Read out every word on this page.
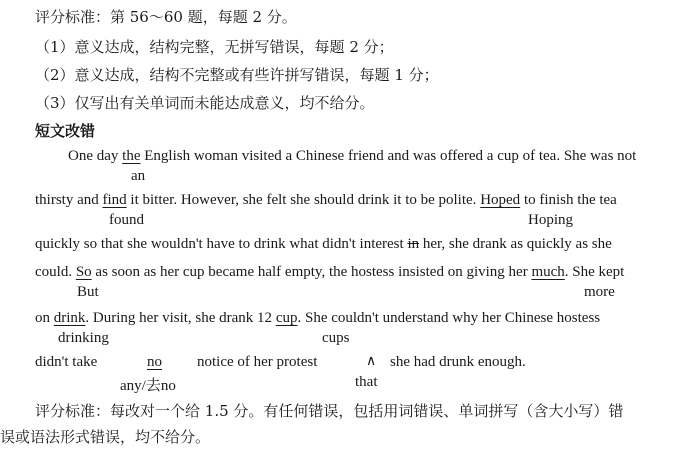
评分标准：第 56～60 题，每题 2 分。
（1）意义达成，结构完整，无拼写错误，每题 2 分；
（2）意义达成，结构不完整或有些许拼写错误，每题 1 分；
（3）仅写出有关单词而未能达成意义，均不给分。
短文改错
One day the English woman visited a Chinese friend and was offered a cup of tea. She was not
an
thirsty and find it bitter. However, she felt she should drink it to be polite. Hoped to finish the tea
found	Hoping
quickly so that she wouldn't have to drink what didn't interest in her, she drank as quickly as she
could. So as soon as her cup became half empty, the hostess insisted on giving her much. She kept
But	more
on drink. During her visit, she drank 12 cup. She couldn't understand why her Chinese hostess
drinking	cups
didn't take	no notice of her protest	∧ she had drunk enough.
any/去no	that
评分标准：每改对一个给 1.5 分。有任何错误，包括用词错误、单词拼写（含大小写）错
误或语法形式错误，均不给分。
